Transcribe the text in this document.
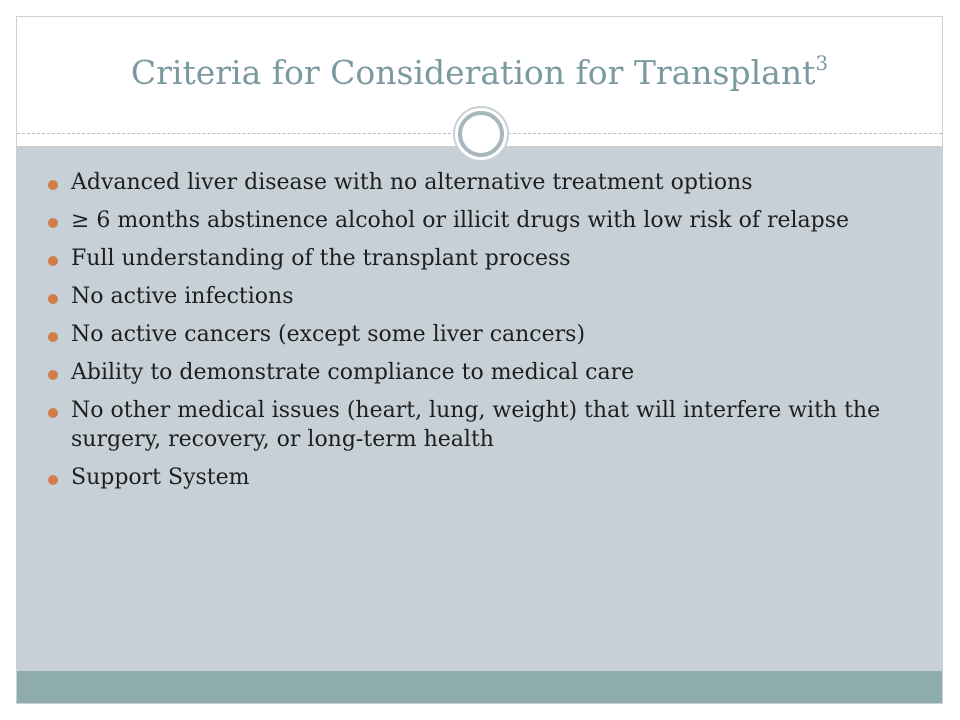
Criteria for Consideration for Transplant$^3$
Advanced liver disease with no alternative treatment options
≥ 6 months abstinence alcohol or illicit drugs with low risk of relapse
Full understanding of the transplant process
No active infections
No active cancers (except some liver cancers)
Ability to demonstrate compliance to medical care
No other medical issues (heart, lung, weight) that will interfere with the surgery, recovery, or long-term health
Support System
